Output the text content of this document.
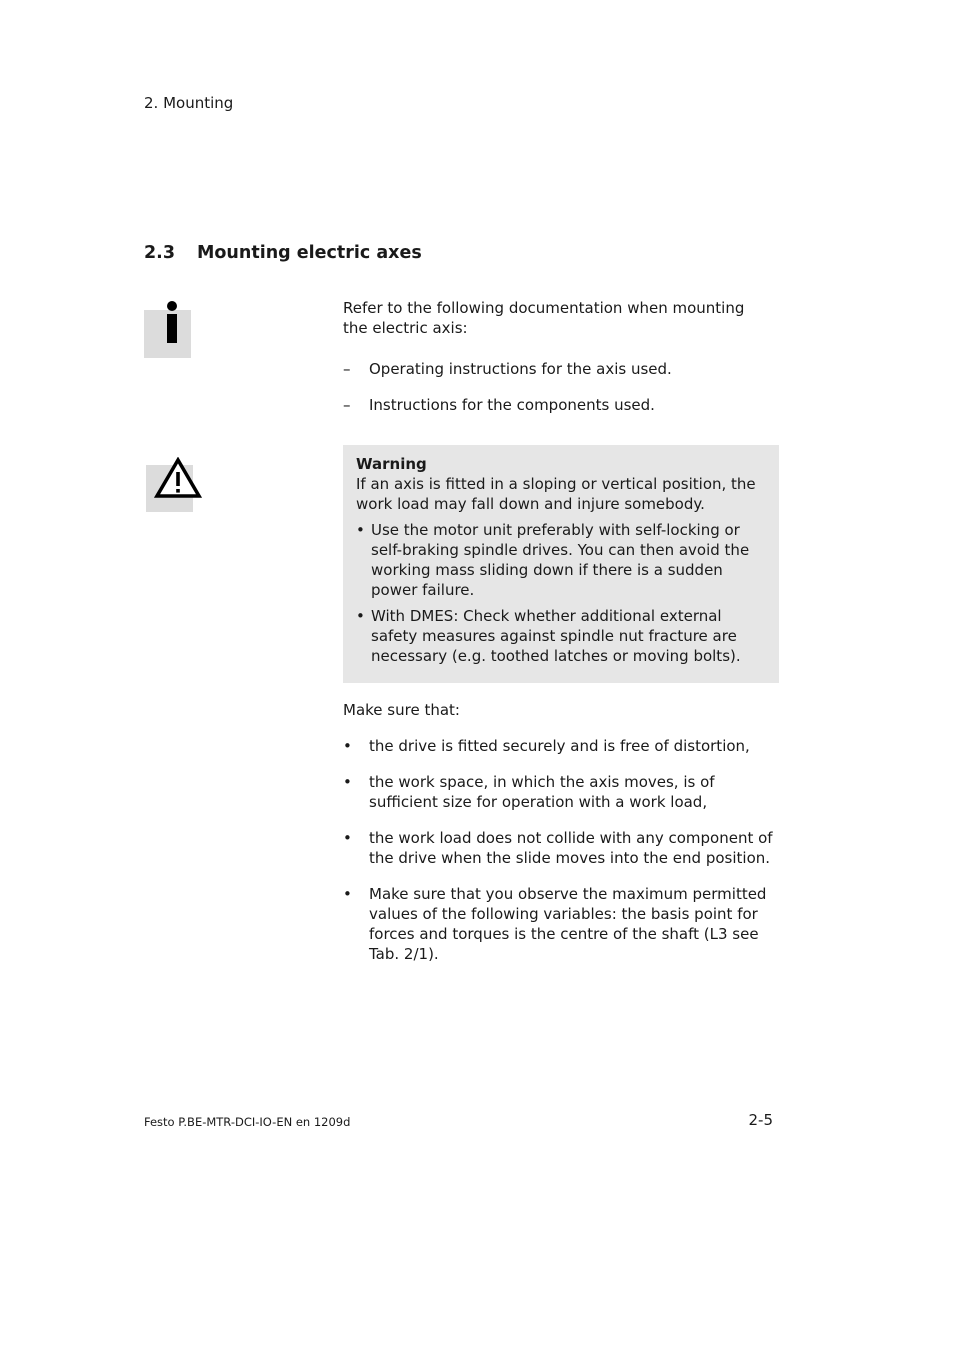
2. Mounting
2.3 Mounting electric axes
Refer to the following documentation when mounting the electric axis:
– Operating instructions for the axis used.
– Instructions for the components used.
Warning
If an axis is fitted in a sloping or vertical position, the work load may fall down and injure somebody.
• Use the motor unit preferably with self-locking or self-braking spindle drives. You can then avoid the working mass sliding down if there is a sudden power failure.
• With DMES: Check whether additional external safety measures against spindle nut fracture are necessary (e.g. toothed latches or moving bolts).
Make sure that:
• the drive is fitted securely and is free of distortion,
• the work space, in which the axis moves, is of sufficient size for operation with a work load,
• the work load does not collide with any component of the drive when the slide moves into the end position.
• Make sure that you observe the maximum permitted values of the following variables: the basis point for forces and torques is the centre of the shaft (L3 see Tab. 2/1).
Festo P.BE-MTR-DCI-IO-EN en 1209d	2-5
